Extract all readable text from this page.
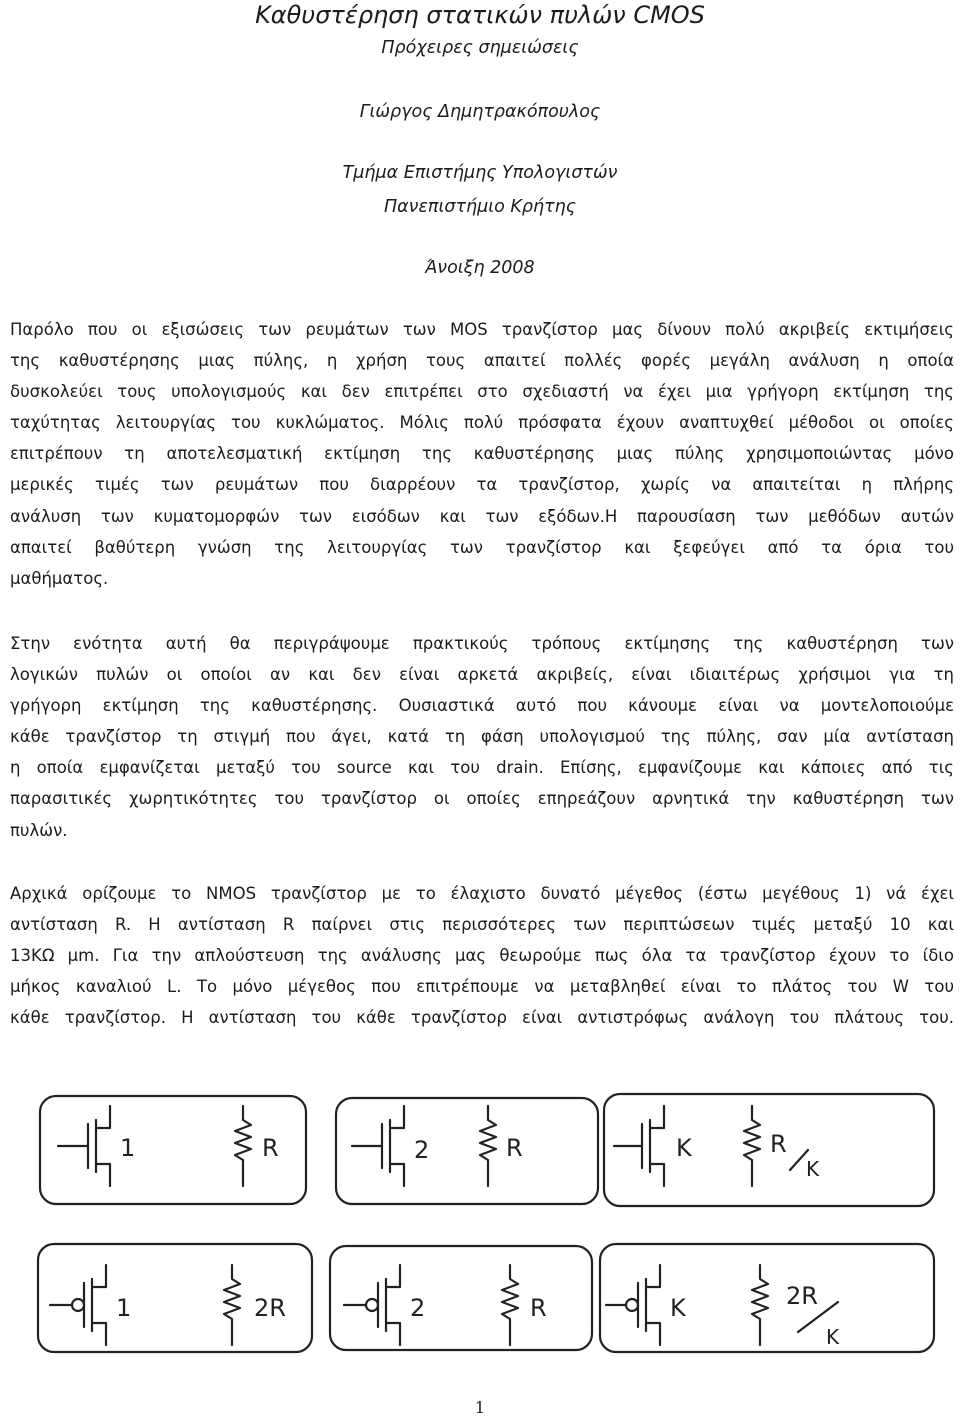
Καθυστέρηση στατικών πυλών CMOS
Πρόχειρες σημειώσεις
Γιώργος Δημητρακόπουλος
Τμήμα Επιστήμης Υπολογιστών
Πανεπιστήμιο Κρήτης
Άνοιξη 2008
Παρόλο που οι εξισώσεις των ρευμάτων των MOS τρανζίστορ μας δίνουν πολύ ακριβείς εκτιμήσεις
της καθυστέρησης μιας πύλης, η χρήση τους απαιτεί πολλές φορές μεγάλη ανάλυση η οποία
δυσκολεύει τους υπολογισμούς και δεν επιτρέπει στο σχεδιαστή να έχει μια γρήγορη εκτίμηση της
ταχύτητας λειτουργίας του κυκλώματος. Μόλις πολύ πρόσφατα έχουν αναπτυχθεί μέθοδοι οι οποίες
επιτρέπουν τη αποτελεσματική εκτίμηση της καθυστέρησης μιας πύλης χρησιμοποιώντας μόνο
μερικές τιμές των ρευμάτων που διαρρέουν τα τρανζίστορ, χωρίς να απαιτείται η πλήρης
ανάλυση των κυματομορφών των εισόδων και των εξόδων.Η παρουσίαση των μεθόδων αυτών
απαιτεί βαθύτερη γνώση της λειτουργίας των τρανζίστορ και ξεφεύγει από τα όρια του
μαθήματος.
Στην ενότητα αυτή θα περιγράψουμε πρακτικούς τρόπους εκτίμησης της καθυστέρηση των
λογικών πυλών οι οποίοι αν και δεν είναι αρκετά ακριβείς, είναι ιδιαιτέρως χρήσιμοι για τη
γρήγορη εκτίμηση της καθυστέρησης. Ουσιαστικά αυτό που κάνουμε είναι να μοντελοποιούμε
κάθε τρανζίστορ τη στιγμή που άγει, κατά τη φάση υπολογισμού της πύλης, σαν μία αντίσταση
η οποία εμφανίζεται μεταξύ του source και του drain. Επίσης, εμφανίζουμε και κάποιες από τις
παρασιτικές χωρητικότητες του τρανζίστορ οι οποίες επηρεάζουν αρνητικά την καθυστέρηση των
πυλών.
Αρχικά ορίζουμε το NMOS τρανζίστορ με το έλαχιστο δυνατό μέγεθος (έστω μεγέθους 1) νά έχει
αντίσταση R. Η αντίσταση R παίρνει στις περισσότερες των περιπτώσεων τιμές μεταξύ 10 και
13KΩ μm. Για την απλούστευση της ανάλυσης μας θεωρούμε πως όλα τα τρανζίστορ έχουν το ίδιο
μήκος καναλιού L. Το μόνο μέγεθος που επιτρέπουμε να μεταβληθεί είναι το πλάτος του W του
κάθε τρανζίστορ. Η αντίσταση του κάθε τρανζίστορ είναι αντιστρόφως ανάλογη του πλάτους του.
1	R	2	R	K	R
K
1	2R	2	R	K	2R
K
1
